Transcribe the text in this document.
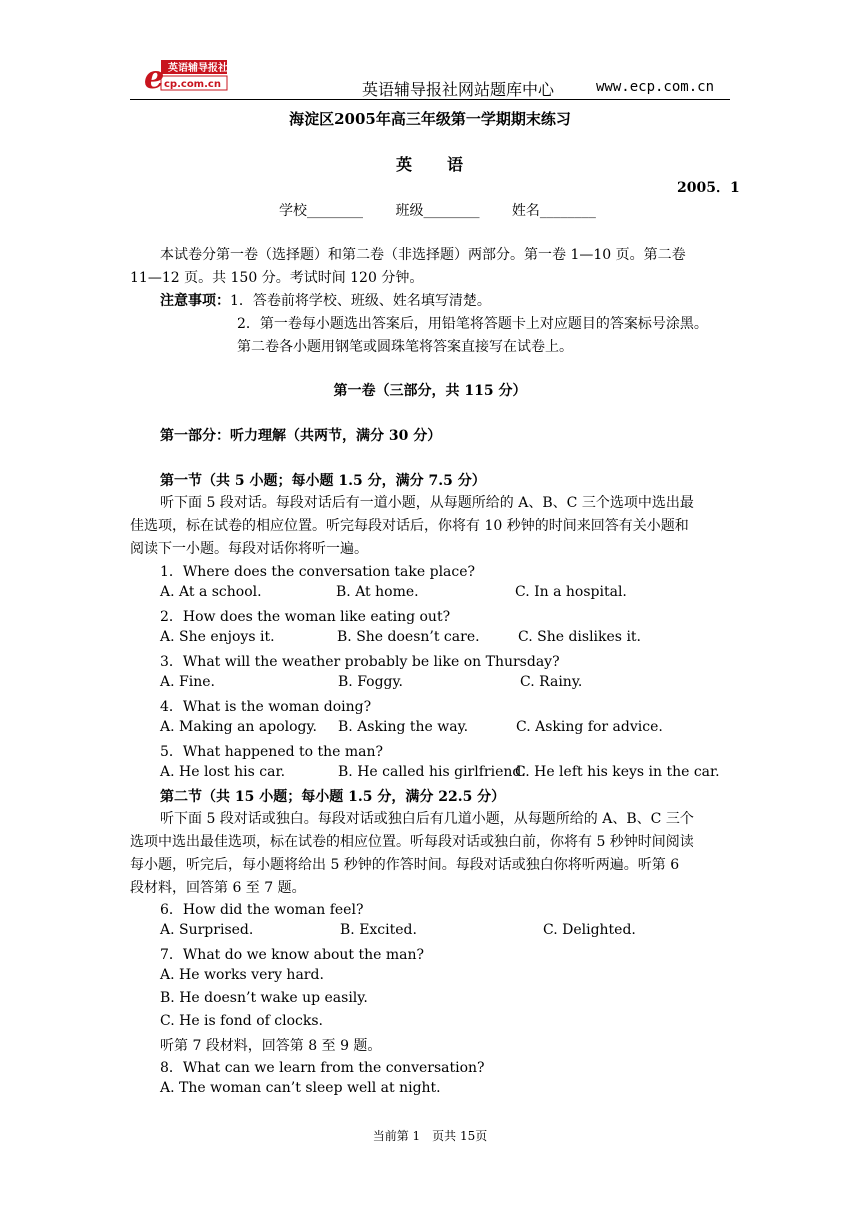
e 英语辅导报社
cp.com.cn	英语辅导报社网站题库中心	www.ecp.com.cn
海淀区2005年高三年级第一学期期末练习
英　　语
2005．1
学校________ 班级________ 姓名________
本试卷分第一卷（选择题）和第二卷（非选择题）两部分。第一卷 1—10 页。第二卷
11—12 页。共 150 分。考试时间 120 分钟。
注意事项：1．答卷前将学校、班级、姓名填写清楚。
2．第一卷每小题选出答案后，用铅笔将答题卡上对应题目的答案标号涂黑。
第二卷各小题用钢笔或圆珠笔将答案直接写在试卷上。
第一卷（三部分，共 115 分）
第一部分：听力理解（共两节，满分 30 分）
第一节（共 5 小题；每小题 1.5 分，满分 7.5 分）
听下面 5 段对话。每段对话后有一道小题，从每题所给的 A、B、C 三个选项中选出最
佳选项，标在试卷的相应位置。听完每段对话后，你将有 10 秒钟的时间来回答有关小题和
阅读下一小题。每段对话你将听一遍。
1．Where does the conversation take place?
A. At a school.	B. At home.	C. In a hospital.
2．How does the woman like eating out?
A. She enjoys it.	B. She doesn’t care.	C. She dislikes it.
3．What will the weather probably be like on Thursday?
A. Fine.	B. Foggy.	C. Rainy.
4．What is the woman doing?
A. Making an apology. B. Asking the way.	C. Asking for advice.
5．What happened to the man?
A. He lost his car.	B. He called his girlfriend.
C. He left his keys in the car.
第二节（共 15 小题；每小题 1.5 分，满分 22.5 分）
听下面 5 段对话或独白。每段对话或独白后有几道小题，从每题所给的 A、B、C 三个
选项中选出最佳选项，标在试卷的相应位置。听每段对话或独白前，你将有 5 秒钟时间阅读
每小题，听完后，每小题将给出 5 秒钟的作答时间。每段对话或独白你将听两遍。听第 6
段材料，回答第 6 至 7 题。
6．How did the woman feel?
A. Surprised.	B. Excited.	C. Delighted.
7．What do we know about the man?
A. He works very hard.
B. He doesn’t wake up easily.
C. He is fond of clocks.
听第 7 段材料，回答第 8 至 9 题。
8．What can we learn from the conversation?
A. The woman can’t sleep well at night.
当前第 1　页共 15页
